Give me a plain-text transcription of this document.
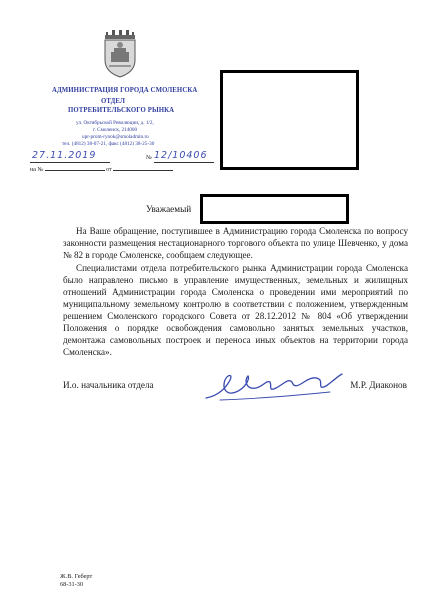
АДМИНИСТРАЦИЯ ГОРОДА СМОЛЕНСКА
ОТДЕЛ
ПОТРЕБИТЕЛЬСКОГО РЫНКА
ул. Октябрьской Революции, д. 1/2,
г. Смоленск, 214000
upr-prom-rynok@smoladmin.ru
тел. (4812) 38-07-21, факс (4812) 38-25-30
27.11.2019	№ 12/10406
на №	от
Уважаемый
На Ваше обращение, поступившее в Администрацию города Смоленска по вопросу законности размещения нестационарного торгового объекта по улице Шевченко, у дома № 82 в городе Смоленске, сообщаем следующее.
Специалистами отдела потребительского рынка Администрации города Смоленска было направлено письмо в управление имущественных, земельных и жилищных отношений Администрации города Смоленска о проведении ими мероприятий по муниципальному земельному контролю в соответствии с положением, утвержденным решением Смоленского городского Совета от 28.12.2012 № 804 «Об утверждении Положения о порядке освобождения самовольно занятых земельных участков, демонтажа самовольных построек и переноса иных объектов на территории города Смоленска».
И.о. начальника отдела	М.Р. Диаконов
Ж.В. Геберт
68-31-30
